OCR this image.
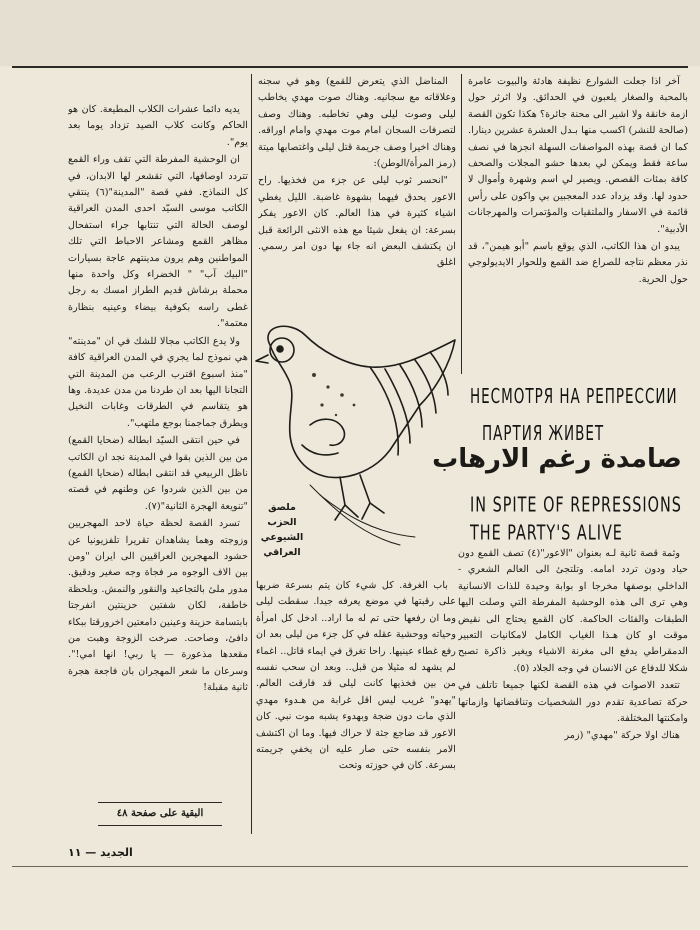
آخر اذا جعلت الشوارع نظيفة هادئة والبيوت عامرة بالمحبة والصغار يلعبون في الحدائق. ولا اثرثر حول ازمة خانقة ولا اشير الى محنة جائرة؟ هكذا تكون القصة (صالحة للنشر) اكسب منها بـدل العشرة عشرين دينارا. كما ان قصة بهذه المواصفات السهلة انجزها في نصف ساعة فقط ويمكن لي بعدها حشو المجلات والصحف كافة بمئات القصص. ويصير لي اسم وشهرة وأموال لا حدود لها. وقد يزداد عدد المعجبين بي واكون على رأس قائمة في الاسفار والملتقيات والمؤتمرات والمهرجانات الأدبية".

يبدو ان هذا الكاتب، الذي يوقع باسم "أبو هيمن"، قد نذر معظم نتاجه للصراع ضد القمع وللحوار الايديولوجي حول الحرية.

وثمة قصة ثانية لـه بعنوان "الاعور"(٤) تصف القمع دون حياد ودون تردد امامه. وتلتجئ الى العالم الشعري - الداخلي بوصفها مخرجا او بوابة وحيدة للذات الانسانية وهي ترى الى هذه الوحشية المفرطة التي وصلت اليها الطبقات والفئات الحاكمة. كان القمع يحتاج الى نقيض موقت او كان هـذا الغياب الكامل لامكانيات التعبير الدمقراطي يدفع الى مغرنة الاشياء ويغير ذاكرة تصبح شكلا للدفاع عن الانسان في وجه الجلاد (٥).

تتعدد الاصوات في هذه القصة لكنها جميعا تاتلف في حركة تصاعدية تقدم دور الشخصيات وتناقضاتها وازماتها وامكنتها المختلفة.

هناك اولا حركة "مهدي" (زمر

المناضل الذي يتعرض للقمع) وهو في سجنه وعلاقاته مع سجانيه. وهناك صوت مهدي يخاطب ليلى وصوت ليلى وهي تخاطبه. وهناك وصف لتصرفات السجان امام موت مهدي وامام اوراقه. وهناك اخيرا وصف جريمة قتل ليلى واغتصابها ميتة (رمز المرأة/الوطن):

"انحسر ثوب ليلى عن جزء من فخذيها. راح الاعور يحدق فيهما بشهوة غاضبة. الليل يغطي اشياء كثيرة في هذا العالم. كان الاعور يفكر بسرعة: ان يفعل شيئا مع هذه الانثى الرائعة قبل ان يكتشف البعض انه جاء بها دون امر رسمي. اغلق

باب الغرفة. كل شيء كان يتم بسرعة ضربها على رقبتها في موضع يعرفه جيدا. سقطت ليلى وما ان رفعها حتى تم له ما اراد.. ادخل كل امرأة وحياته ووحشية عقله في كل جزء من ليلى بعد ان رفع غطاء عينيها. راحا تغرق في ايماء قاتل.. اغماء لم يشهد له مثيلا من قبل.. وبعد ان سحب نفسه من بين فخذيها كانت ليلى قد فارقت العالم. "يهدو" غريب ليس اقل غرابة من هـدوء مهدي الذي مات دون ضجة وبهدوء يشبه موت نبي. كان الاعور قد ضاجع جثة لا حراك فيها. وما ان اكتشف الامر بنفسه حتى صار عليه ان يخفي جريمته بسرعة. كان في حوزته وتحت

يديه دائما عشرات الكلاب المطيعة. كان هو الحاكم وكانت كلاب الصيد تزداد يوما بعد يوم".

ان الوحشية المفرطة التي تقف وراء القمع تتردد اوصافها، التي تقشعر لها الابدان، في كل النماذج. ففي قصة "المدينة"(٦) ينتقي الكاتب موسى السيّد احدى المدن العراقية لوصف الحالة التي تنتابها جراء استفحال مظاهر القمع ومشاعر الاحباط التي تلك المواطنين وهم يرون مدينتهم عاجة بسيارات "البيك آب" " الخضراء وكل واحدة منها محملة برشاش قديم الطراز امسك به رجل غطى راسه بكوفية بيضاء وعينيه بنظارة معتمة".

ولا يدع الكاتب مجالا للشك في ان "مدينته" هي نموذج لما يجري في المدن العراقية كافة "منذ اسبوع اقترب الرعب من المدينة التي التجانا اليها بعد ان طردنا من مدن عديدة. وها هو يتقاسم في الطرقات وغابات النخيل ويطرق جماجمنا بوجع ملتهب".

في حين انتقى السيّد ابطاله (ضحايا القمع) من بين الذين بقوا في المدينة نجد ان الكاتب ناظل الربيعي قد انتقى ابطاله (ضحايا القمع) من بين الذين شردوا عن وطنهم في قصته "تنويعة الهجرة الثانية"(٧).

تسرد القصة لحظة حياة لاحد المهجريين وزوجته وهما يشاهدان تقريرا تلفزيونيا عن حشود المهجرين العراقيين الى ايران "ومن بين الاف الوجوه مر فجاة وجه صغير ودقيق. مدور ملئ بالتجاعيد والنقور والنمش. وبلحظة خاطفة، لكان شفتين حزينتين انفرجتا بابتسامة حزينة وعينين دامعتين اخرورقتا ببكاء دافئ، وصاحت. صرخت الزوجة وهبت من مقعدها مذعورة — يا ربي! انها امي!". وسرعان ما شعر المهجران بان فاجعة هجرة ثانية مقبلة!

ملصق
الحزب
الشيوعي
العراقي
НЕСМОТРЯ НА РЕПРЕССИИ
ПАРТИЯ ЖИВЕТ
صامدة رغم الارهاب
IN SPITE OF REPRESSIONS
THE PARTY'S ALIVE
البقية على صفحة ٤٨
الجديد — ١١
